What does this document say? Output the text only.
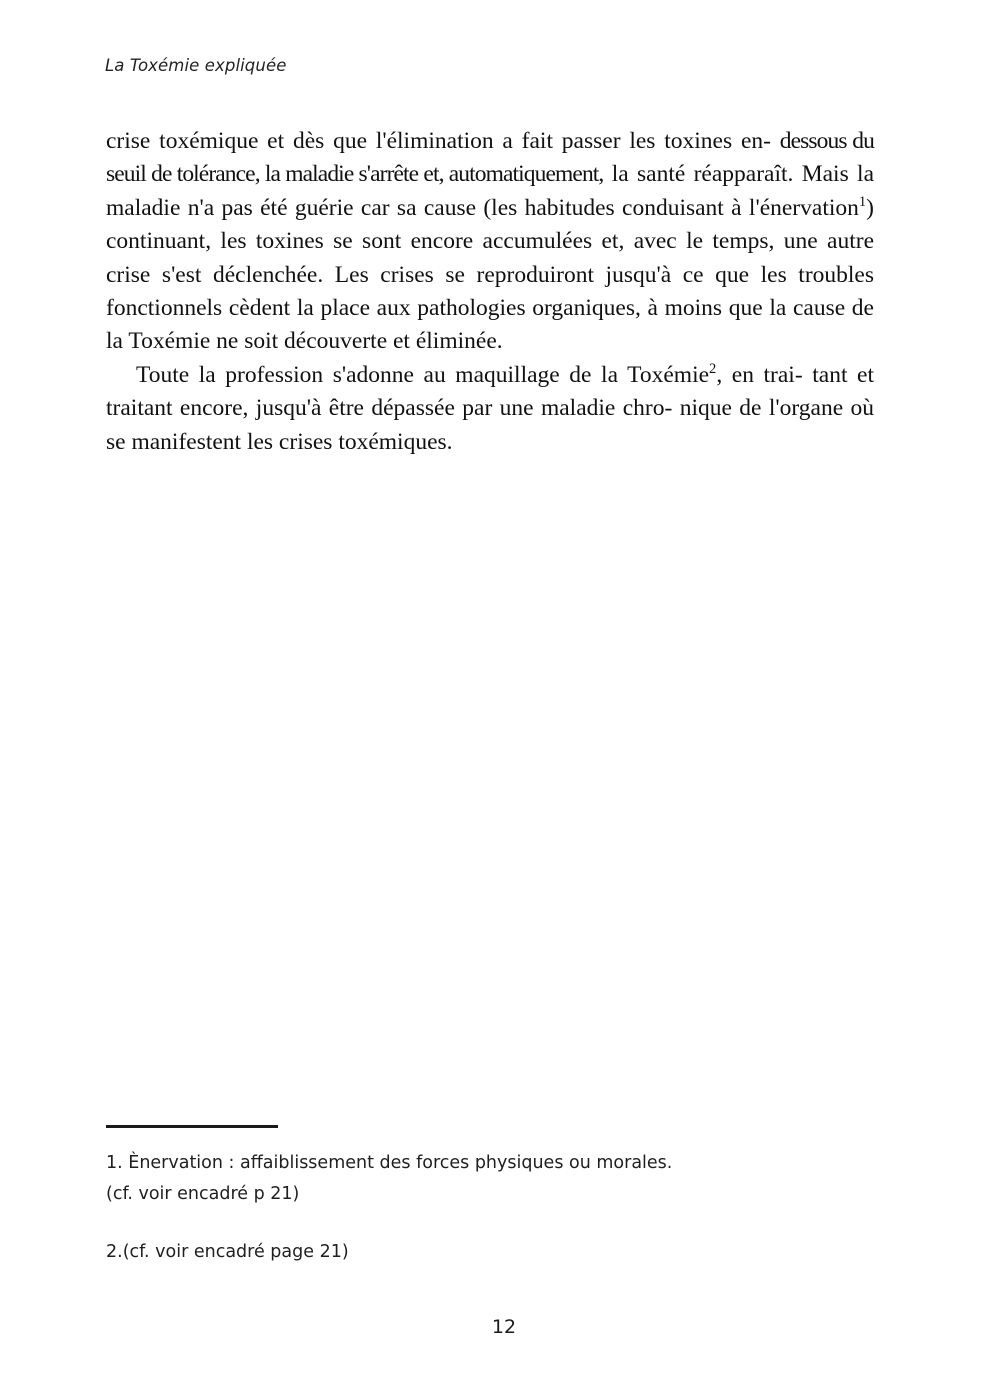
La Toxémie expliquée

crise toxémique et dès que l'élimination a fait passer les toxines en- dessous du seuil de tolérance, la maladie s'arrête et, automatiquement, la santé réapparaît. Mais la maladie n'a pas été guérie car sa cause (les habitudes conduisant à l'énervation$^1$) continuant, les toxines se sont encore accumulées et, avec le temps, une autre crise s'est déclenchée. Les crises se reproduiront jusqu'à ce que les troubles fonctionnels cèdent la place aux pathologies organiques, à moins que la cause de la Toxémie ne soit découverte et éliminée.

Toute la profession s'adonne au maquillage de la Toxémie$^2$, en trai- tant et traitant encore, jusqu'à être dépassée par une maladie chro- nique de l'organe où se manifestent les crises toxémiques.

1. Ènervation : affaiblissement des forces physiques ou morales.

(cf. voir encadré p 21)

2.(cf. voir encadré page 21)

12
